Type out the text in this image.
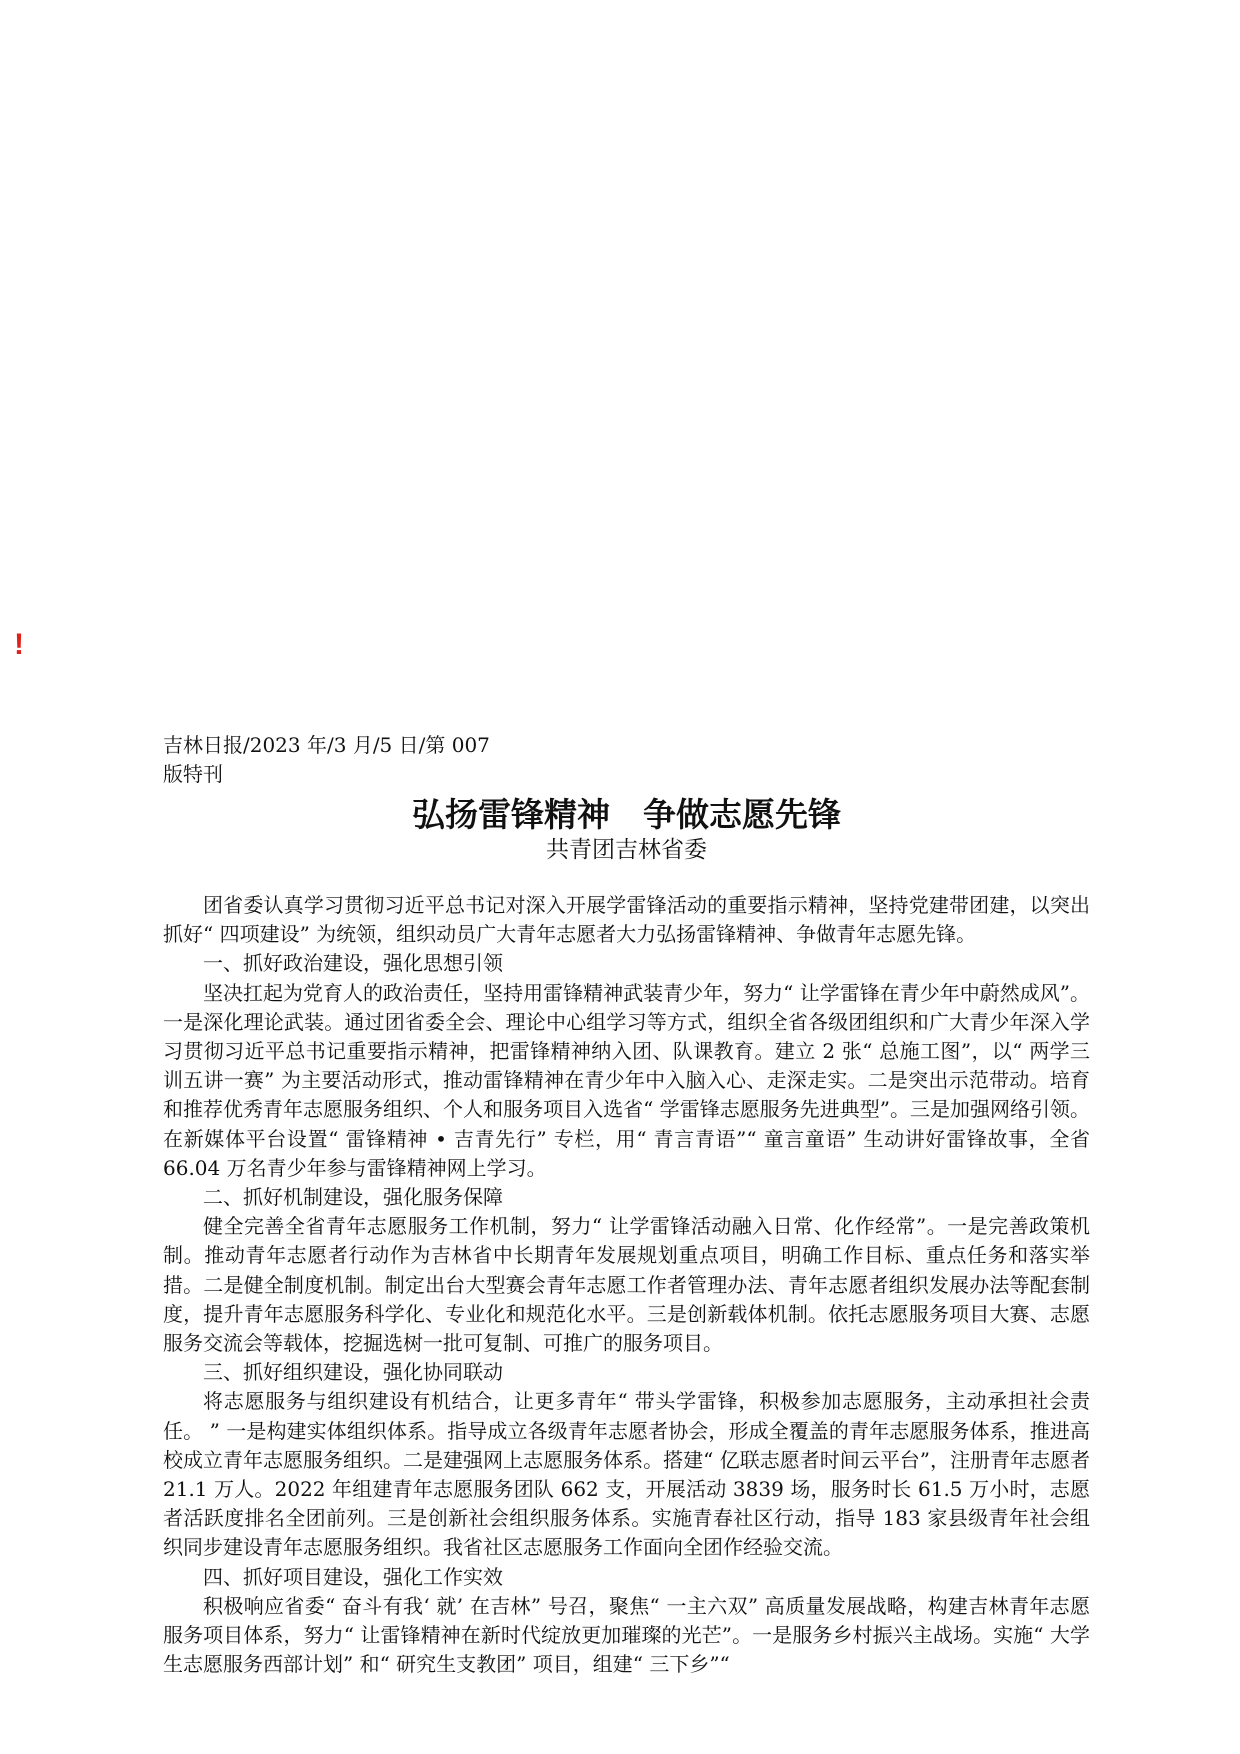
!

吉林日报/2023 年/3 月/5 日/第 007

版特刊

弘扬雷锋精神　争做志愿先锋
共青团吉林省委

团省委认真学习贯彻习近平总书记对深入开展学雷锋活动的重要指示精神，坚持党建带团建，以突出抓好“ 四项建设” 为统领，组织动员广大青年志愿者大力弘扬雷锋精神、争做青年志愿先锋。

一、抓好政治建设，强化思想引领

坚决扛起为党育人的政治责任，坚持用雷锋精神武装青少年，努力“ 让学雷锋在青少年中蔚然成风”。一是深化理论武装。通过团省委全会、理论中心组学习等方式，组织全省各级团组织和广大青少年深入学习贯彻习近平总书记重要指示精神，把雷锋精神纳入团、队课教育。建立 2 张“ 总施工图”，以“ 两学三训五讲一赛” 为主要活动形式，推动雷锋精神在青少年中入脑入心、走深走实。二是突出示范带动。培育和推荐优秀青年志愿服务组织、个人和服务项目入选省“ 学雷锋志愿服务先进典型”。三是加强网络引领。在新媒体平台设置“ 雷锋精神 • 吉青先行” 专栏，用“ 青言青语”“ 童言童语” 生动讲好雷锋故事，全省 66.04 万名青少年参与雷锋精神网上学习。

二、抓好机制建设，强化服务保障

健全完善全省青年志愿服务工作机制，努力“ 让学雷锋活动融入日常、化作经常”。一是完善政策机制。推动青年志愿者行动作为吉林省中长期青年发展规划重点项目，明确工作目标、重点任务和落实举措。二是健全制度机制。制定出台大型赛会青年志愿工作者管理办法、青年志愿者组织发展办法等配套制度，提升青年志愿服务科学化、专业化和规范化水平。三是创新载体机制。依托志愿服务项目大赛、志愿服务交流会等载体，挖掘选树一批可复制、可推广的服务项目。

三、抓好组织建设，强化协同联动

将志愿服务与组织建设有机结合，让更多青年“ 带头学雷锋，积极参加志愿服务，主动承担社会责任。 ” 一是构建实体组织体系。指导成立各级青年志愿者协会，形成全覆盖的青年志愿服务体系，推进高校成立青年志愿服务组织。二是建强网上志愿服务体系。搭建“ 亿联志愿者时间云平台”，注册青年志愿者 21.1 万人。2022 年组建青年志愿服务团队 662 支，开展活动 3839 场，服务时长 61.5 万小时，志愿者活跃度排名全团前列。三是创新社会组织服务体系。实施青春社区行动，指导 183 家县级青年社会组织同步建设青年志愿服务组织。我省社区志愿服务工作面向全团作经验交流。

四、抓好项目建设，强化工作实效

积极响应省委“ 奋斗有我‘ 就’ 在吉林” 号召，聚焦“ 一主六双” 高质量发展战略，构建吉林青年志愿服务项目体系，努力“ 让雷锋精神在新时代绽放更加璀璨的光芒”。一是服务乡村振兴主战场。实施“ 大学生志愿服务西部计划” 和“ 研究生支教团” 项目，组建“ 三下乡”“
